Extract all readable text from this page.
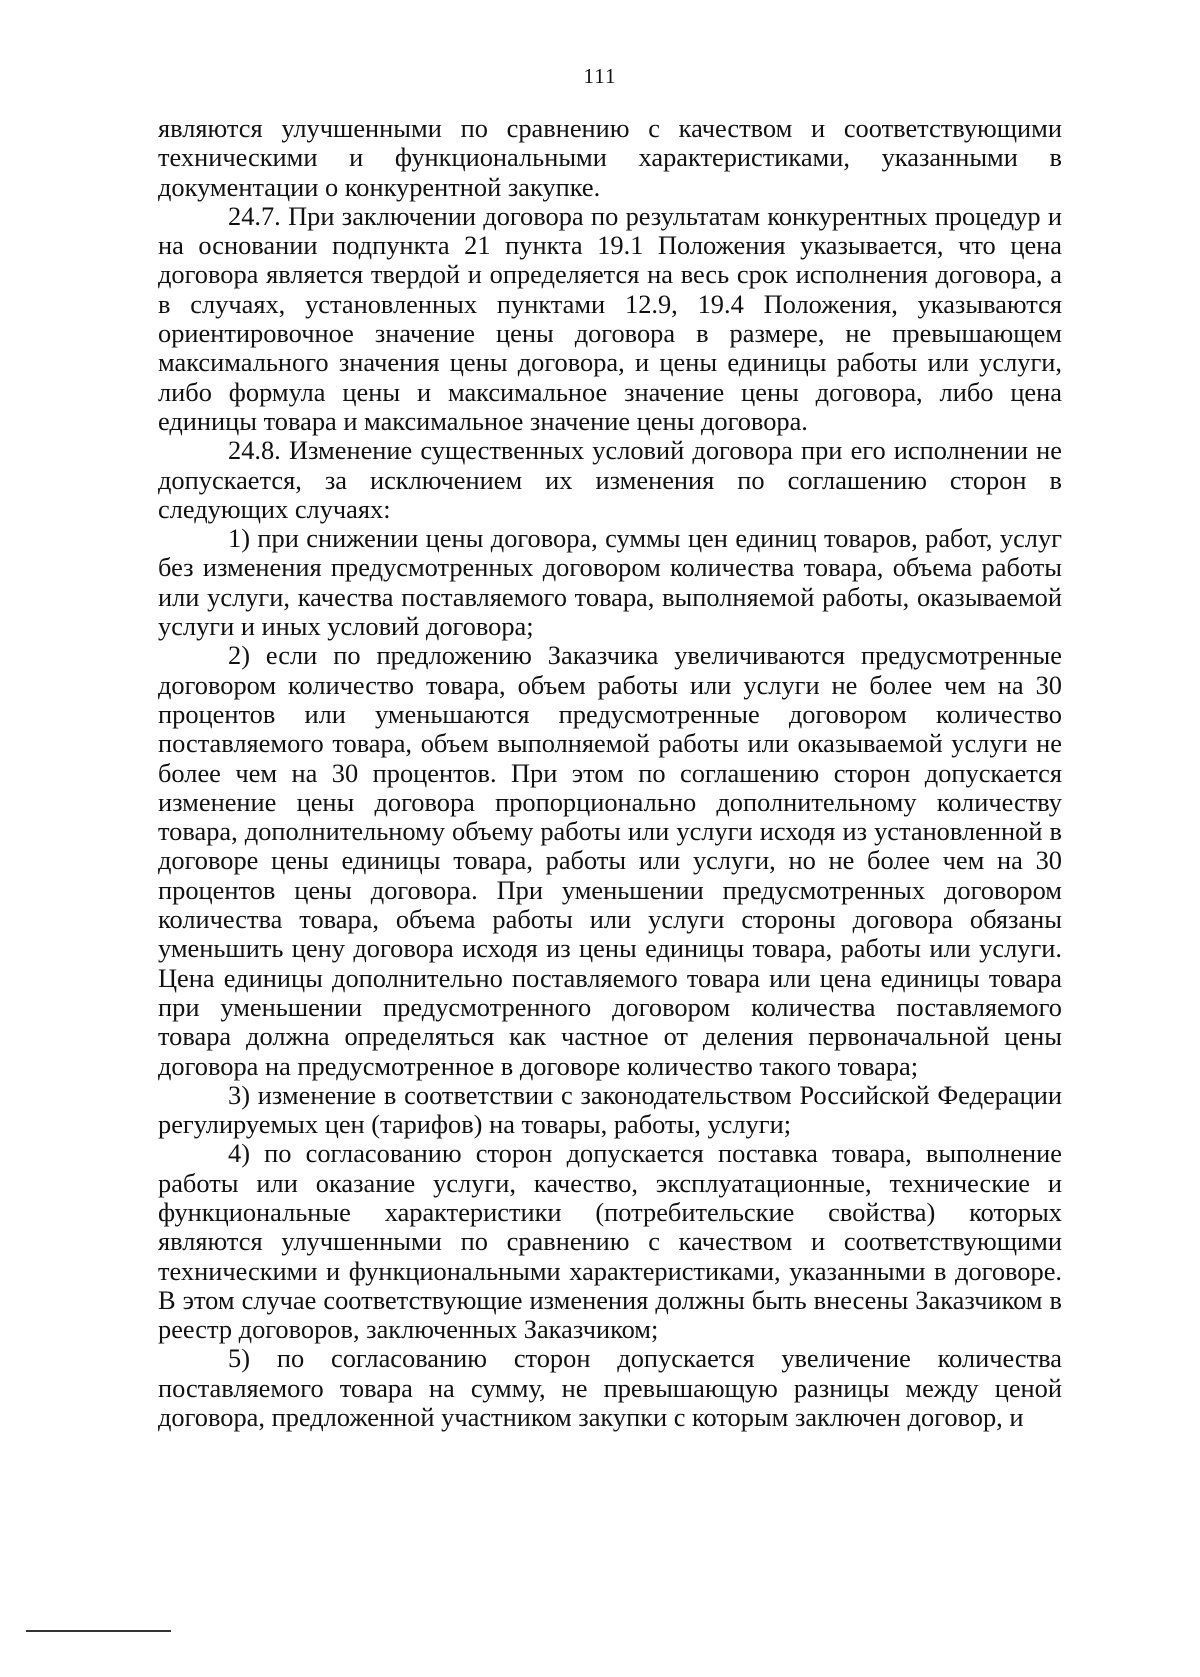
111

являются улучшенными по сравнению с качеством и соответствующими техническими и функциональными характеристиками, указанными в документации о конкурентной закупке.

24.7. При заключении договора по результатам конкурентных процедур и на основании подпункта 21 пункта 19.1 Положения указывается, что цена договора является твердой и определяется на весь срок исполнения договора, а в случаях, установленных пунктами 12.9, 19.4 Положения, указываются ориентировочное значение цены договора в размере, не превышающем максимального значения цены договора, и цены единицы работы или услуги, либо формула цены и максимальное значение цены договора, либо цена единицы товара и максимальное значение цены договора.

24.8. Изменение существенных условий договора при его исполнении не допускается, за исключением их изменения по соглашению сторон в следующих случаях:

1) при снижении цены договора, суммы цен единиц товаров, работ, услуг без изменения предусмотренных договором количества товара, объема работы или услуги, качества поставляемого товара, выполняемой работы, оказываемой услуги и иных условий договора;

2) если по предложению Заказчика увеличиваются предусмотренные договором количество товара, объем работы или услуги не более чем на 30 процентов или уменьшаются предусмотренные договором количество поставляемого товара, объем выполняемой работы или оказываемой услуги не более чем на 30 процентов. При этом по соглашению сторон допускается изменение цены договора пропорционально дополнительному количеству товара, дополнительному объему работы или услуги исходя из установленной в договоре цены единицы товара, работы или услуги, но не более чем на 30 процентов цены договора. При уменьшении предусмотренных договором количества товара, объема работы или услуги стороны договора обязаны уменьшить цену договора исходя из цены единицы товара, работы или услуги. Цена единицы дополнительно поставляемого товара или цена единицы товара при уменьшении предусмотренного договором количества поставляемого товара должна определяться как частное от деления первоначальной цены договора на предусмотренное в договоре количество такого товара;

3) изменение в соответствии с законодательством Российской Федерации регулируемых цен (тарифов) на товары, работы, услуги;

4) по согласованию сторон допускается поставка товара, выполнение работы или оказание услуги, качество, эксплуатационные, технические и функциональные характеристики (потребительские свойства) которых являются улучшенными по сравнению с качеством и соответствующими техническими и функциональными характеристиками, указанными в договоре. В этом случае соответствующие изменения должны быть внесены Заказчиком в реестр договоров, заключенных Заказчиком;

5) по согласованию сторон допускается увеличение количества поставляемого товара на сумму, не превышающую разницы между ценой договора, предложенной участником закупки с которым заключен договор, и
